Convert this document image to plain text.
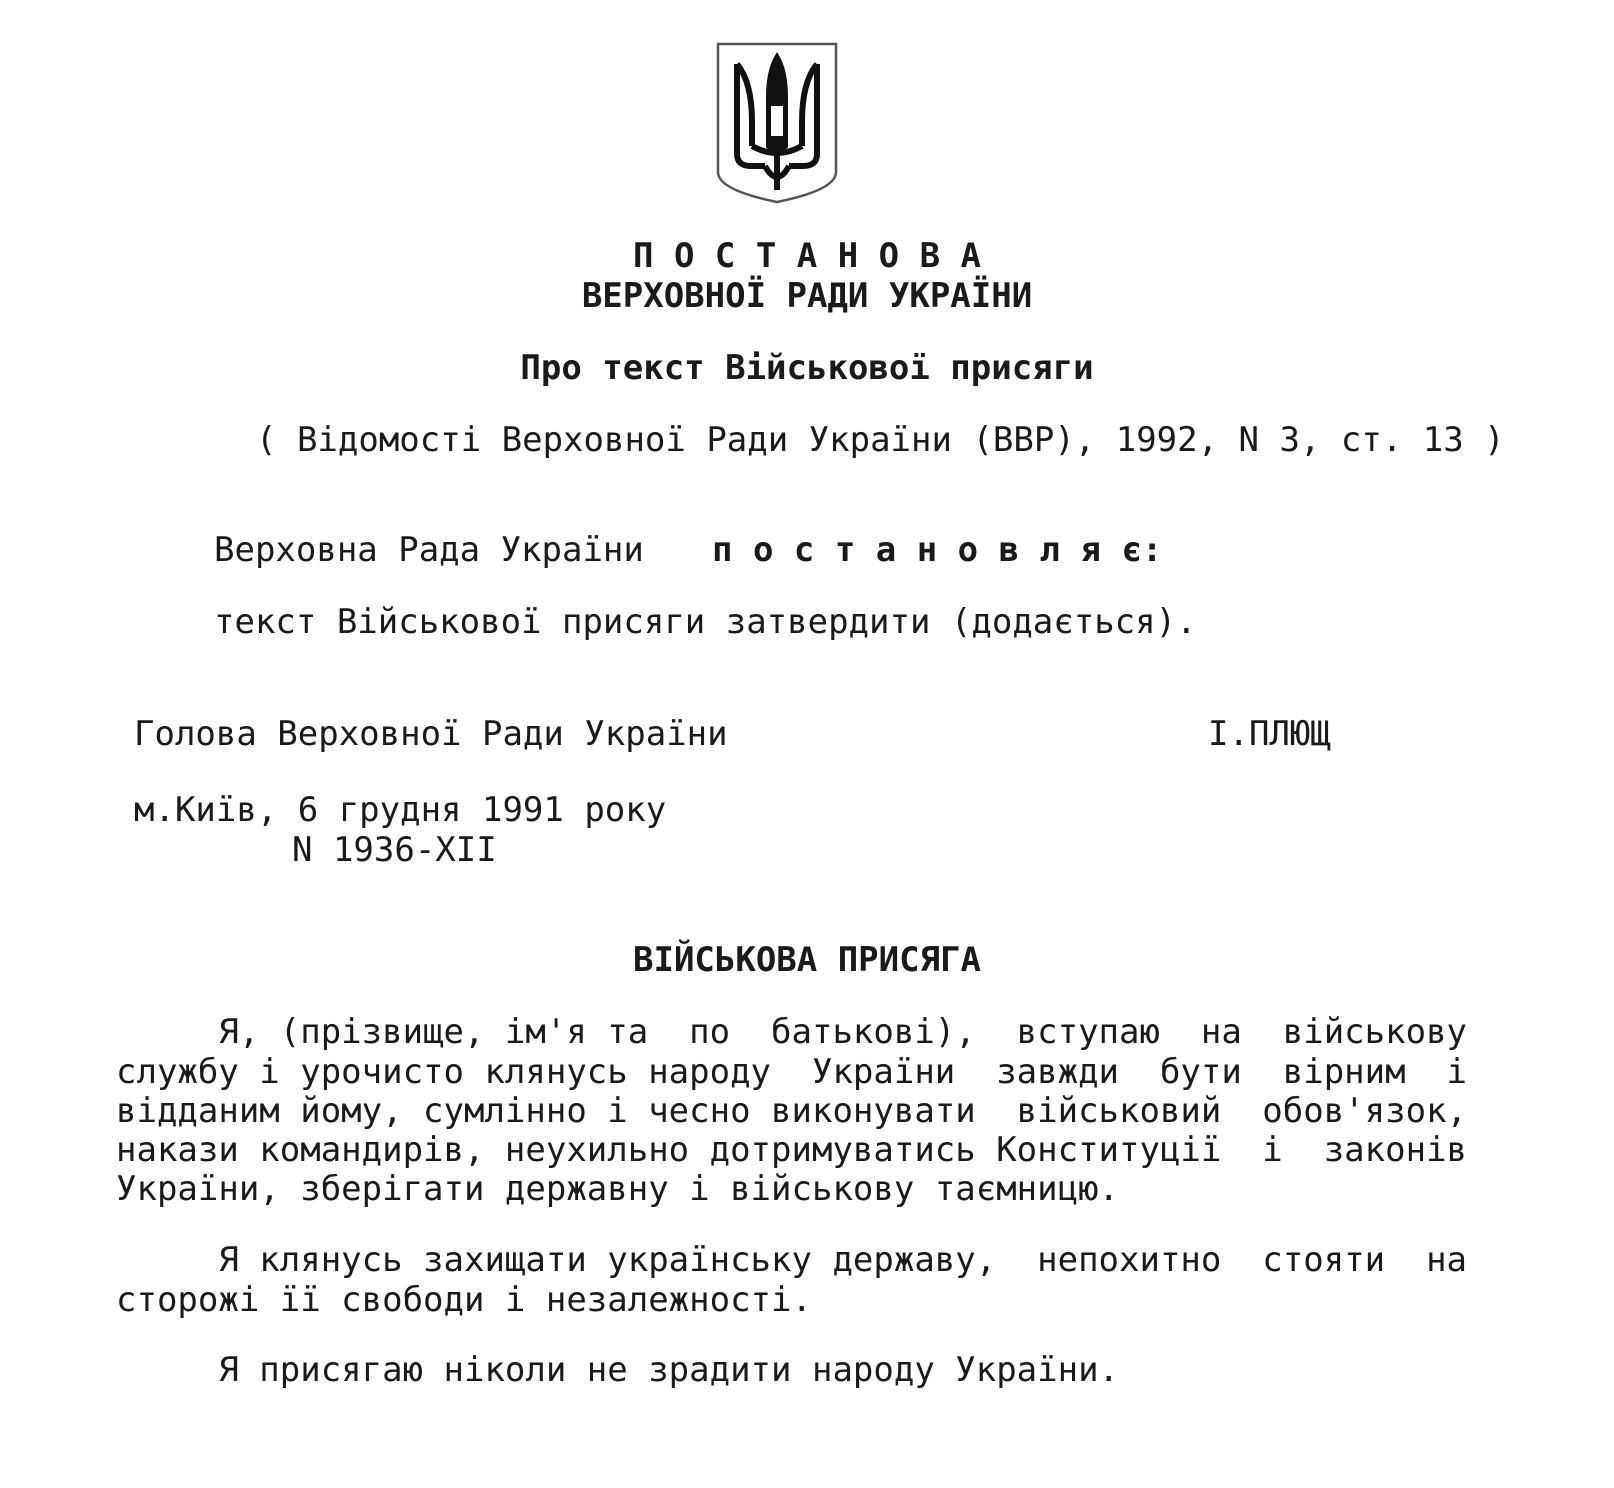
П О С Т А Н О В А
ВЕРХОВНОЇ РАДИ УКРАЇНИ
Про текст Військової присяги
( Відомості Верховної Ради України (ВВР), 1992, N 3, ст. 13 )
Верховна Рада України п о с т а н о в л я є:
текст Військової присяги затвердити (додається).
Голова Верховної Ради України	І.ПЛЮЩ
м.Київ, 6 грудня 1991 року
N 1936-XII
ВІЙСЬКОВА ПРИСЯГА
Я, (прізвище, ім'я та  по  батькові),  вступаю  на  військову
службу і урочисто клянусь народу  України  завжди  бути  вірним  і
відданим йому, сумлінно і чесно виконувати  військовий  обов'язок,
накази командирів, неухильно дотримуватись Конституції  і  законів
України, зберігати державну і військову таємницю.
Я клянусь захищати українську державу,  непохитно  стояти  на
сторожі її свободи і незалежності.
Я присягаю ніколи не зрадити народу України.
